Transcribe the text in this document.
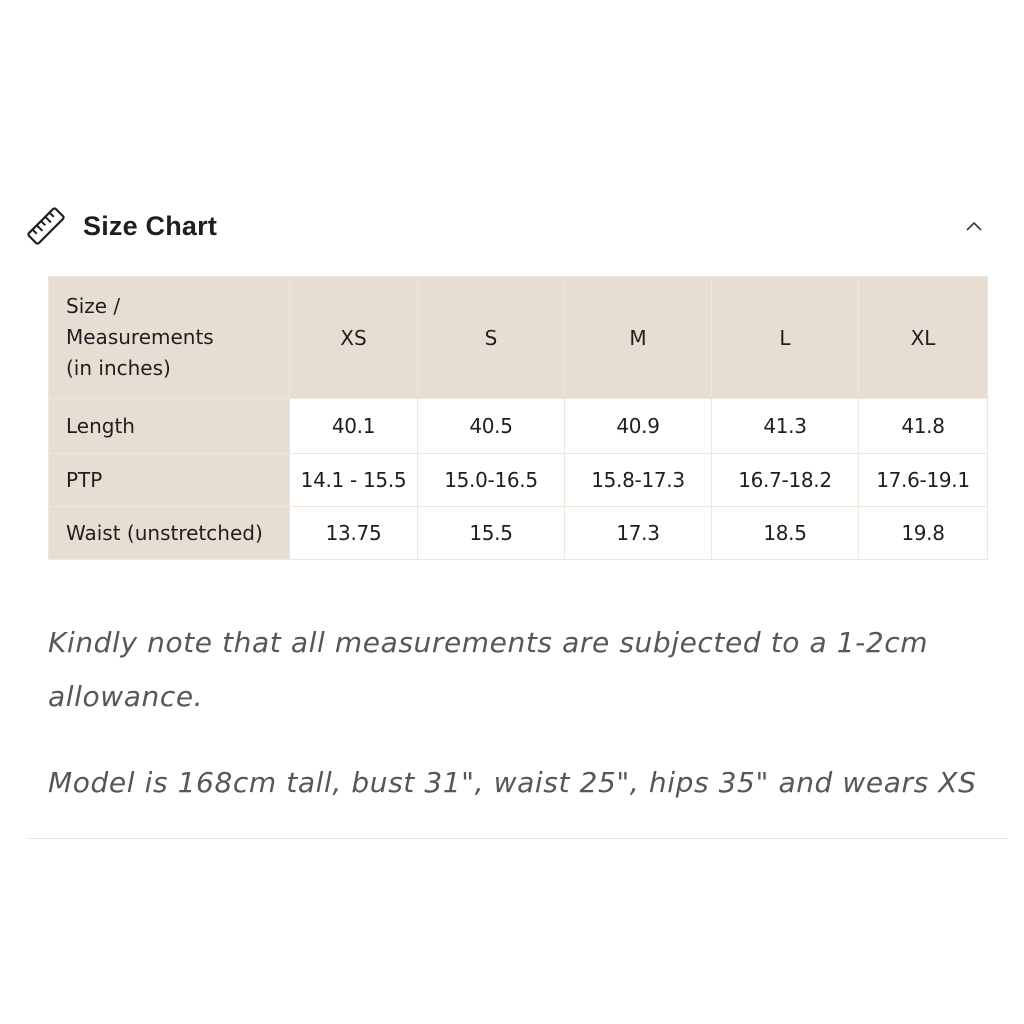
Size Chart
Size /
Measurements
(in inches)	XS	S	M	L	XL
Length	40.1	40.5	40.9	41.3	41.8
PTP	14.1 - 15.5	15.0-16.5	15.8-17.3	16.7-18.2	17.6-19.1
Waist (unstretched)	13.75	15.5	17.3	18.5	19.8

Kindly note that all measurements are subjected to a 1-2cm allowance.

Model is 168cm tall, bust 31", waist 25", hips 35" and wears XS
